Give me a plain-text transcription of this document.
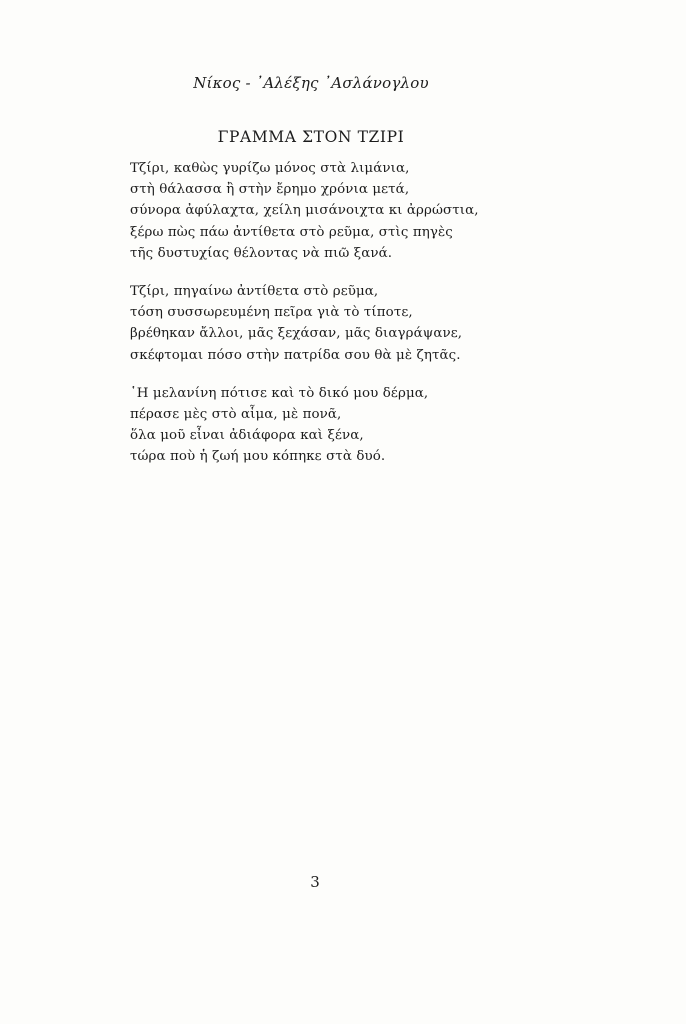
Νίκος - ᾿Αλέξης ᾿Ασλάνογλου
ΓΡΑΜΜΑ ΣΤΟΝ ΤΖΙΡΙ
Τζίρι, καθὼς γυρίζω μόνος στὰ λιμάνια,
στὴ θάλασσα ἢ στὴν ἔρημο χρόνια μετά,
σύνορα ἀφύλαχτα, χείλη μισάνοιχτα κι ἀρρώστια,
ξέρω πὼς πάω ἀντίθετα στὸ ρεῦμα, στὶς πηγὲς
τῆς δυστυχίας θέλοντας νὰ πιῶ ξανά.
Τζίρι, πηγαίνω ἀντίθετα στὸ ρεῦμα,
τόση συσσωρευμένη πεῖρα γιὰ τὸ τίποτε,
βρέθηκαν ἄλλοι, μᾶς ξεχάσαν, μᾶς διαγράψανε,
σκέφτομαι πόσο στὴν πατρίδα σου θὰ μὲ ζητᾶς.
῾Η μελανίνη πότισε καὶ τὸ δικό μου δέρμα,
πέρασε μὲς στὸ αἷμα, μὲ πονᾶ,
ὅλα μοῦ εἶναι ἀδιάφορα καὶ ξένα,
τώρα ποὺ ἡ ζωή μου κόπηκε στὰ δυό.
3
